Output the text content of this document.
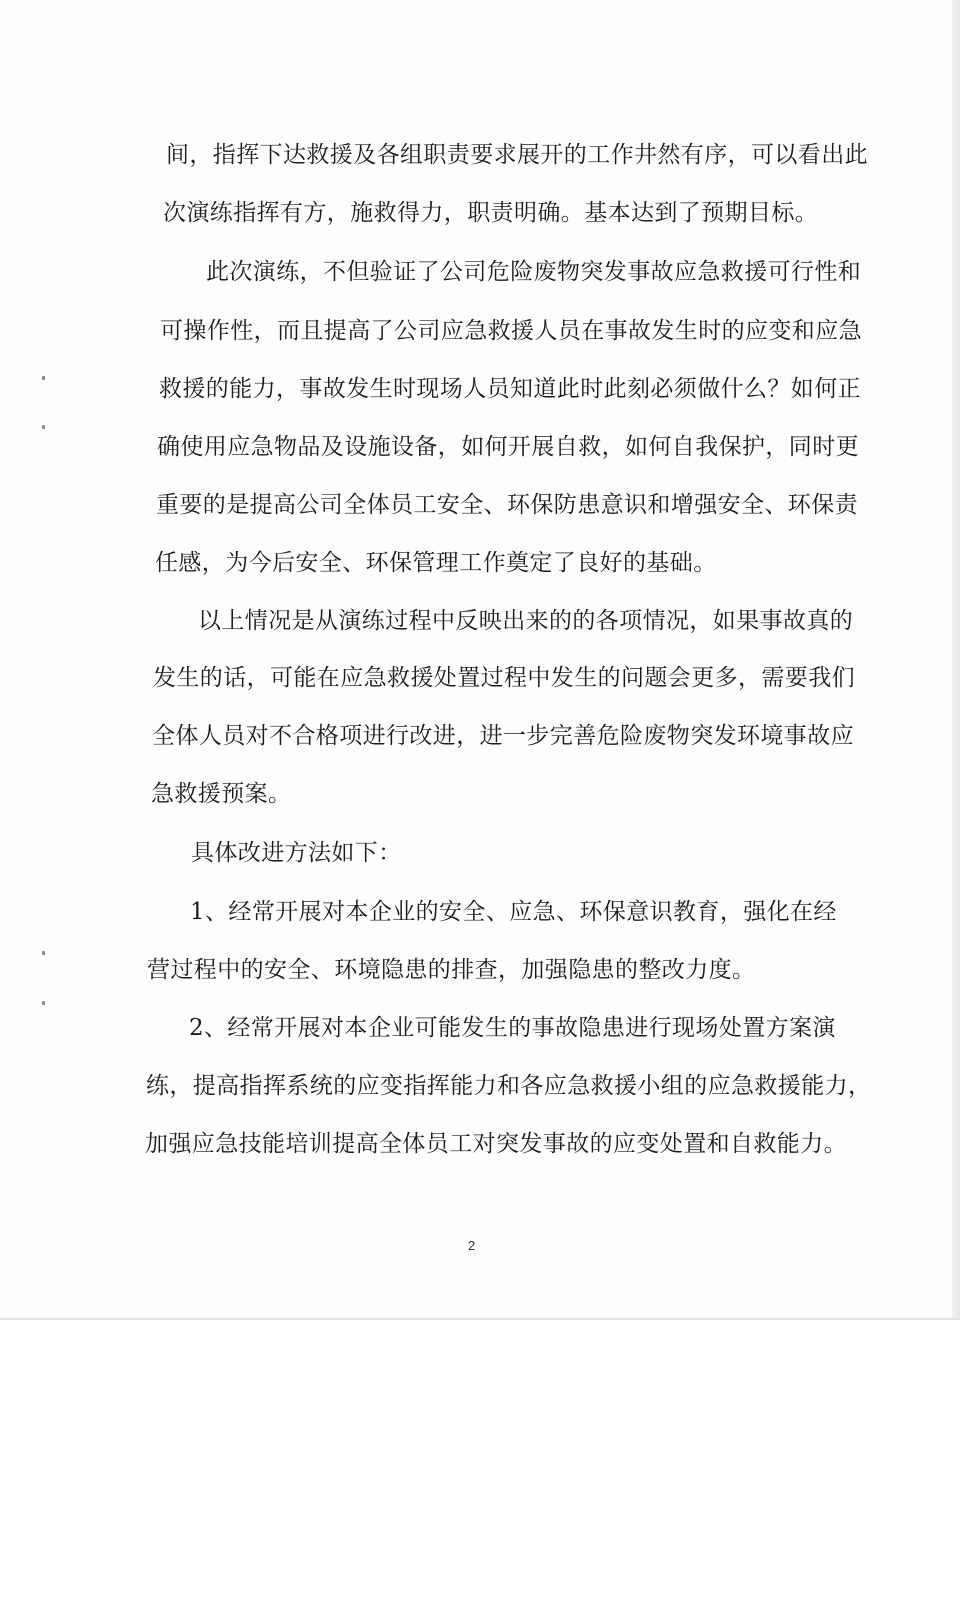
间，指挥下达救援及各组职责要求展开的工作井然有序，可以看出此

次演练指挥有方，施救得力，职责明确。基本达到了预期目标。

此次演练，不但验证了公司危险废物突发事故应急救援可行性和

可操作性，而且提高了公司应急救援人员在事故发生时的应变和应急

救援的能力，事故发生时现场人员知道此时此刻必须做什么？如何正

确使用应急物品及设施设备，如何开展自救，如何自我保护，同时更

重要的是提高公司全体员工安全、环保防患意识和增强安全、环保责

任感，为今后安全、环保管理工作奠定了良好的基础。

以上情况是从演练过程中反映出来的的各项情况，如果事故真的

发生的话，可能在应急救援处置过程中发生的问题会更多，需要我们

全体人员对不合格项进行改进，进一步完善危险废物突发环境事故应

急救援预案。

具体改进方法如下：

1、经常开展对本企业的安全、应急、环保意识教育，强化在经

营过程中的安全、环境隐患的排查，加强隐患的整改力度。

2、经常开展对本企业可能发生的事故隐患进行现场处置方案演

练，提高指挥系统的应变指挥能力和各应急救援小组的应急救援能力，

加强应急技能培训提高全体员工对突发事故的应变处置和自救能力。

2
